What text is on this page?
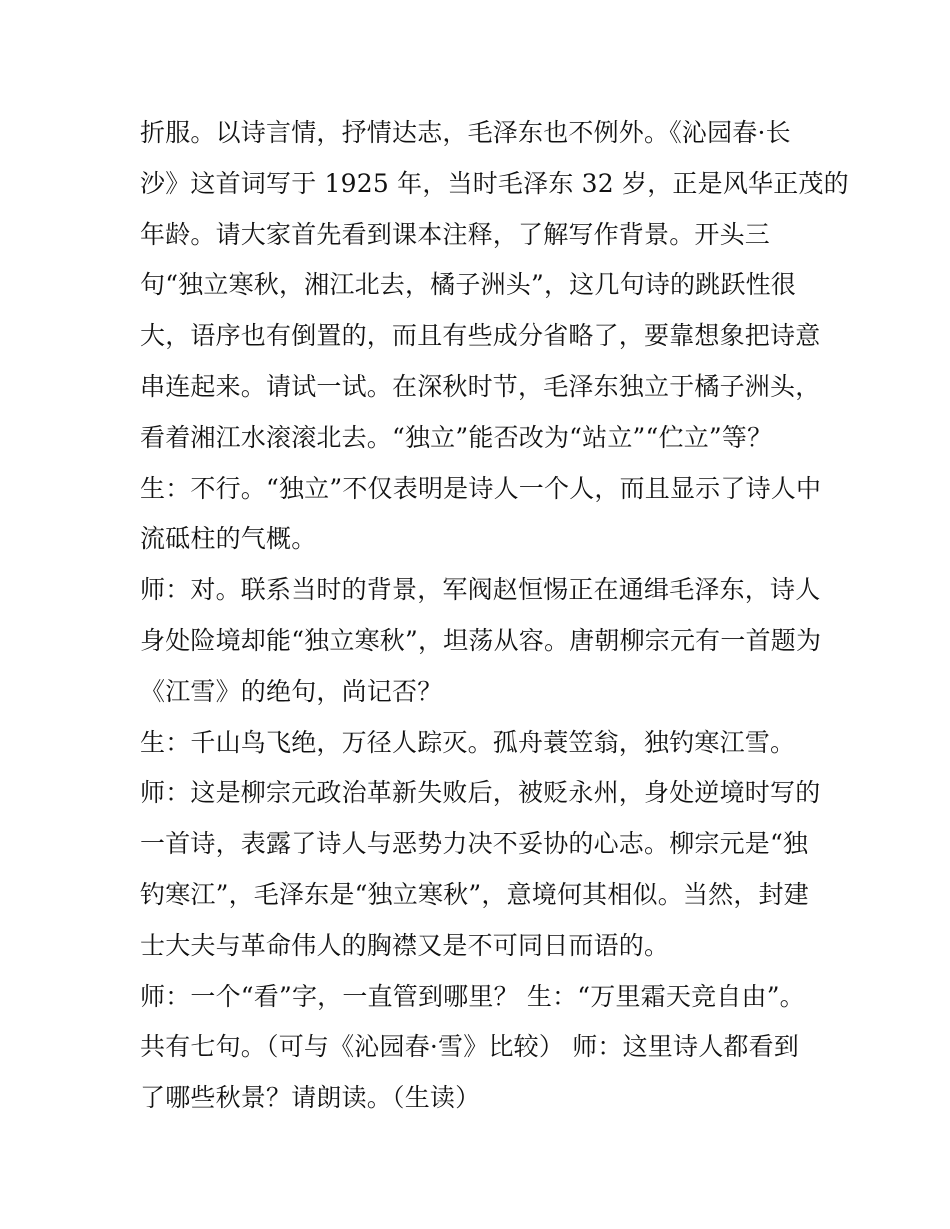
折服。以诗言情，抒情达志，毛泽东也不例外。《沁园春·长
沙》这首词写于 1925 年，当时毛泽东 32 岁，正是风华正茂的
年龄。请大家首先看到课本注释，了解写作背景。开头三
句“独立寒秋，湘江北去，橘子洲头”，这几句诗的跳跃性很
大，语序也有倒置的，而且有些成分省略了，要靠想象把诗意
串连起来。请试一试。在深秋时节，毛泽东独立于橘子洲头，
看着湘江水滚滚北去。“独立”能否改为“站立”“伫立”等？
生：不行。“独立”不仅表明是诗人一个人，而且显示了诗人中
流砥柱的气概。
师：对。联系当时的背景，军阀赵恒惕正在通缉毛泽东，诗人
身处险境却能“独立寒秋”，坦荡从容。唐朝柳宗元有一首题为
《江雪》的绝句，尚记否？
生：千山鸟飞绝，万径人踪灭。孤舟蓑笠翁，独钓寒江雪。
师：这是柳宗元政治革新失败后，被贬永州，身处逆境时写的
一首诗，表露了诗人与恶势力决不妥协的心志。柳宗元是“独
钓寒江”，毛泽东是“独立寒秋”，意境何其相似。当然，封建
士大夫与革命伟人的胸襟又是不可同日而语的。
师：一个“看”字，一直管到哪里？ 生：“万里霜天竞自由”。
共有七句。（可与《沁园春·雪》比较） 师：这里诗人都看到
了哪些秋景？请朗读。（生读）
